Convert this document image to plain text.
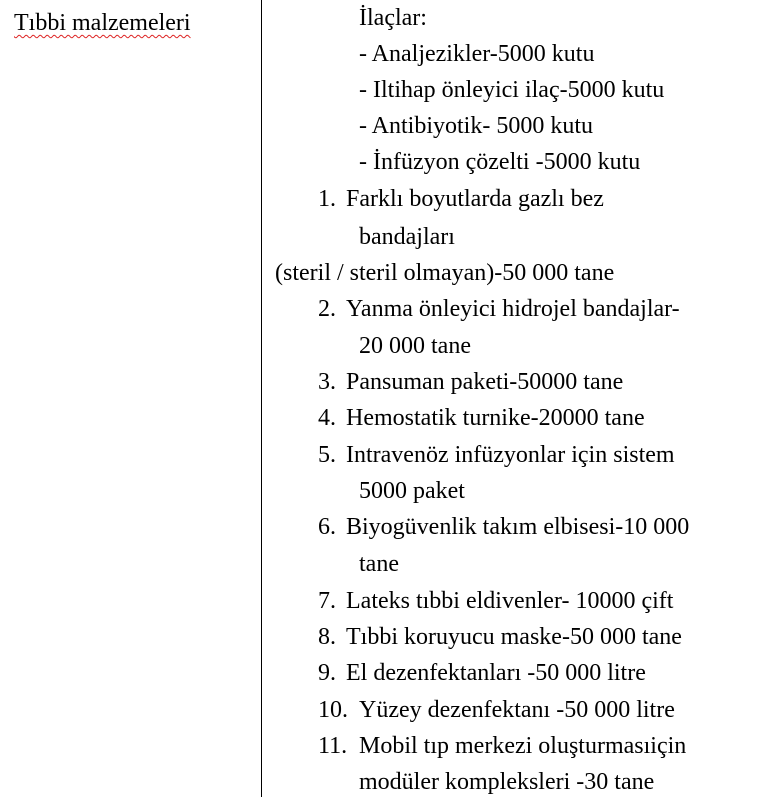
Tıbbi malzemeleri	İlaçlar:
- Analjezikler-5000 kutu
- Iltihap önleyici ilaç-5000 kutu
- Antibiyotik- 5000 kutu
- İnfüzyon çözelti -5000 kutu
1. Farklı boyutlarda gazlı bez
bandajları
(steril / steril olmayan)-50 000 tane
2. Yanma önleyici hidrojel bandajlar-
20 000 tane
3. Pansuman paketi-50000 tane
4. Hemostatik turnike-20000 tane
5. Intravenöz infüzyonlar için sistem
5000 paket
6. Biyogüvenlik takım elbisesi-10 000
tane
7. Lateks tıbbi eldivenler- 10000 çift
8. Tıbbi koruyucu maske-50 000 tane
9. El dezenfektanları -50 000 litre
10. Yüzey dezenfektanı -50 000 litre
11. Mobil tıp merkezi oluşturmasıiçin
modüler kompleksleri -30 tane
